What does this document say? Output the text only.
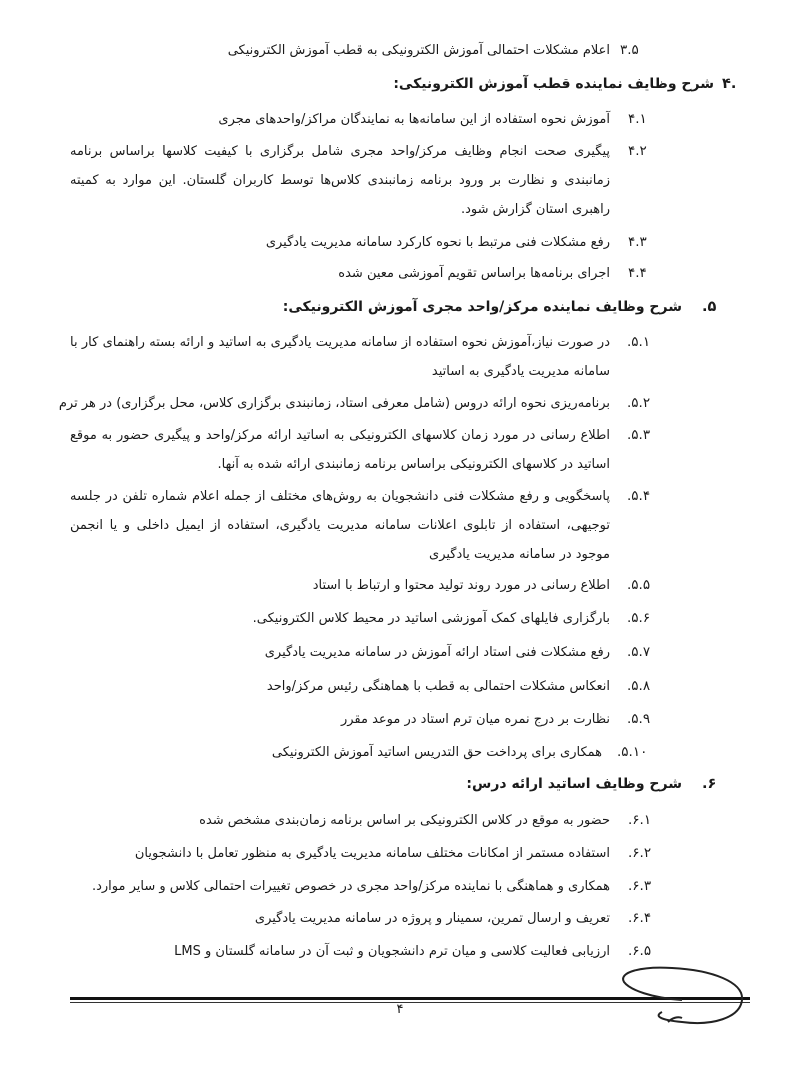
۳.۵
اعلام مشکلات احتمالی آموزش الکترونیکی به قطب آموزش الکترونیکی
۴.
شرح وظایف نماینده قطب آموزش الکترونیکی:
۴.۱
آموزش نحوه استفاده از این سامانه‌ها به نمایندگان مراکز/واحدهای مجری
۴.۲
پیگیری صحت انجام وظایف مرکز/واحد مجری شامل برگزاری با کیفیت کلاسها براساس برنامه زمانبندی و نظارت بر ورود برنامه زمانبندی کلاس‌ها توسط کاربران گلستان. این موارد به کمیته راهبری استان گزارش شود.
۴.۳
رفع مشکلات فنی مرتبط با نحوه کارکرد سامانه مدیریت یادگیری
۴.۴
اجرای برنامه‌ها براساس تقویم آموزشی معین شده
.۵
شرح وظایف نماینده مرکز/واحد مجری آموزش الکترونیکی:
.۵.۱
در صورت نیاز،آموزش نحوه استفاده از سامانه مدیریت یادگیری به اساتید و ارائه بسته راهنمای کار با سامانه مدیریت یادگیری به اساتید
.۵.۲
برنامه‌ریزی نحوه ارائه دروس (شامل معرفی استاد، زمانبندی برگزاری کلاس، محل برگزاری) در هر ترم
.۵.۳
اطلاع رسانی در مورد زمان کلاسهای الکترونیکی به اساتید ارائه مرکز/واحد و پیگیری حضور به موقع اساتید در کلاسهای الکترونیکی براساس برنامه زمانبندی ارائه شده به آنها.
.۵.۴
پاسخگویی و رفع مشکلات فنی دانشجویان به روش‌های مختلف از جمله اعلام شماره تلفن در جلسه توجیهی، استفاده از تابلوی اعلانات سامانه مدیریت یادگیری، استفاده از ایمیل داخلی و یا انجمن موجود در سامانه مدیریت یادگیری
.۵.۵
اطلاع رسانی در مورد روند تولید محتوا و ارتباط با استاد
.۵.۶
بارگزاری فایلهای کمک آموزشی اساتید در محیط کلاس الکترونیکی.
.۵.۷
رفع مشکلات فنی استاد ارائه آموزش در سامانه مدیریت یادگیری
.۵.۸
انعکاس مشکلات احتمالی به قطب با هماهنگی رئیس مرکز/واحد
.۵.۹
نظارت بر درج نمره میان ترم استاد در موعد مقرر
.۵.۱۰
همکاری برای پرداخت حق التدریس اساتید آموزش الکترونیکی
.۶
شرح وظایف اساتید ارائه درس:
.۶.۱
حضور به موقع در کلاس الکترونیکی بر اساس برنامه زمان‌بندی مشخص شده
.۶.۲
استفاده مستمر از امکانات مختلف سامانه مدیریت یادگیری به منظور تعامل با دانشجویان
.۶.۳
همکاری و هماهنگی با نماینده مرکز/واحد مجری در خصوص تغییرات احتمالی کلاس و سایر موارد.
.۶.۴
تعریف و ارسال تمرین، سمینار و پروژه در سامانه مدیریت یادگیری
.۶.۵
ارزیابی فعالیت کلاسی و میان ترم دانشجویان و ثبت آن در سامانه گلستان و LMS
۴
